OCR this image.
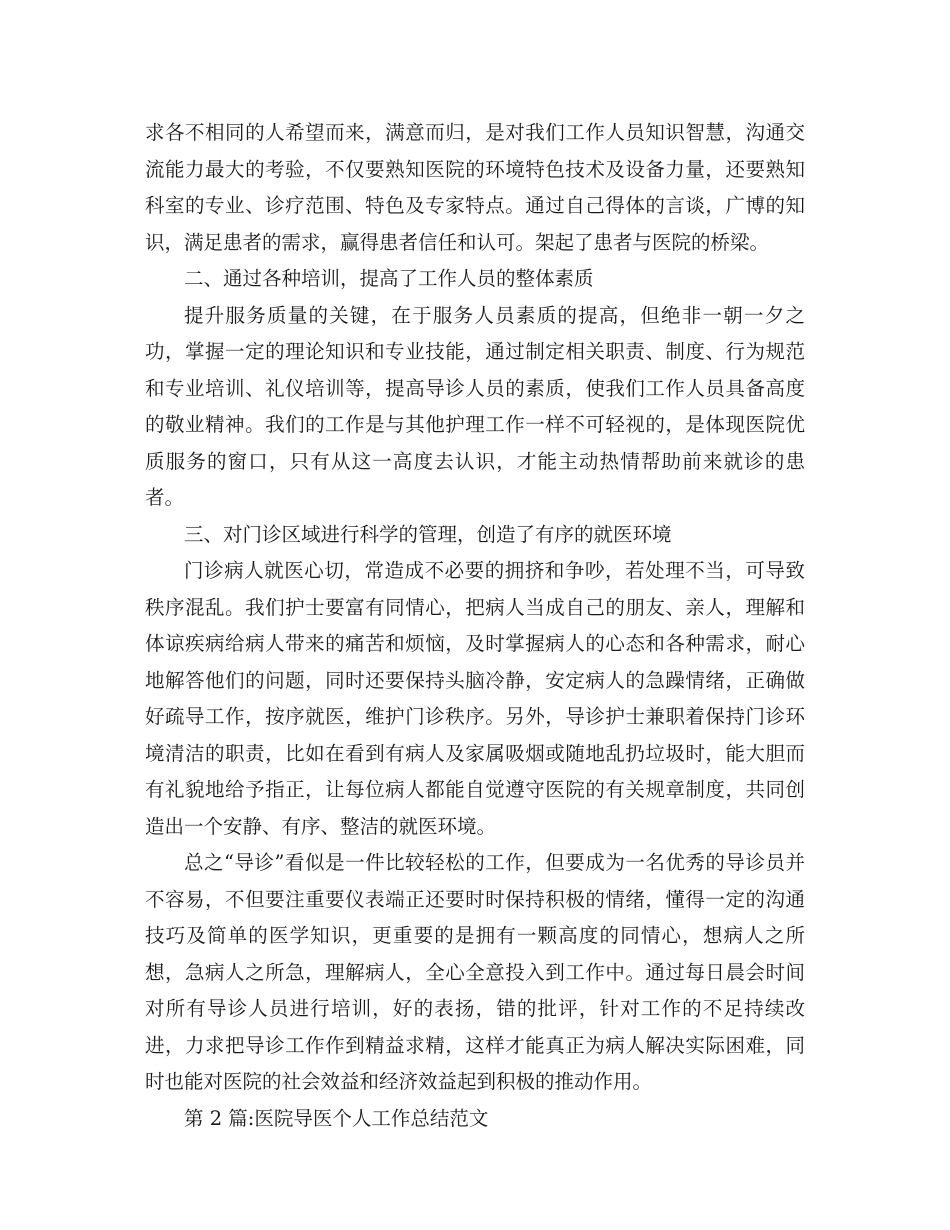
求各不相同的人希望而来，满意而归，是对我们工作人员知识智慧，沟通交流能力最大的考验，不仅要熟知医院的环境特色技术及设备力量，还要熟知科室的专业、诊疗范围、特色及专家特点。通过自己得体的言谈，广博的知识，满足患者的需求，赢得患者信任和认可。架起了患者与医院的桥梁。

二、通过各种培训，提高了工作人员的整体素质

提升服务质量的关键，在于服务人员素质的提高，但绝非一朝一夕之功，掌握一定的理论知识和专业技能，通过制定相关职责、制度、行为规范和专业培训、礼仪培训等，提高导诊人员的素质，使我们工作人员具备高度的敬业精神。我们的工作是与其他护理工作一样不可轻视的，是体现医院优质服务的窗口，只有从这一高度去认识，才能主动热情帮助前来就诊的患者。

三、对门诊区域进行科学的管理，创造了有序的就医环境

门诊病人就医心切，常造成不必要的拥挤和争吵，若处理不当，可导致秩序混乱。我们护士要富有同情心，把病人当成自己的朋友、亲人，理解和体谅疾病给病人带来的痛苦和烦恼，及时掌握病人的心态和各种需求，耐心地解答他们的问题，同时还要保持头脑冷静，安定病人的急躁情绪，正确做好疏导工作，按序就医，维护门诊秩序。另外，导诊护士兼职着保持门诊环境清洁的职责，比如在看到有病人及家属吸烟或随地乱扔垃圾时，能大胆而有礼貌地给予指正，让每位病人都能自觉遵守医院的有关规章制度，共同创造出一个安静、有序、整洁的就医环境。

总之“导诊”看似是一件比较轻松的工作，但要成为一名优秀的导诊员并不容易，不但要注重要仪表端正还要时时保持积极的情绪，懂得一定的沟通技巧及简单的医学知识，更重要的是拥有一颗高度的同情心，想病人之所想，急病人之所急，理解病人，全心全意投入到工作中。通过每日晨会时间对所有导诊人员进行培训，好的表扬，错的批评，针对工作的不足持续改进，力求把导诊工作作到精益求精，这样才能真正为病人解决实际困难，同时也能对医院的社会效益和经济效益起到积极的推动作用。

第 2 篇:医院导医个人工作总结范文
